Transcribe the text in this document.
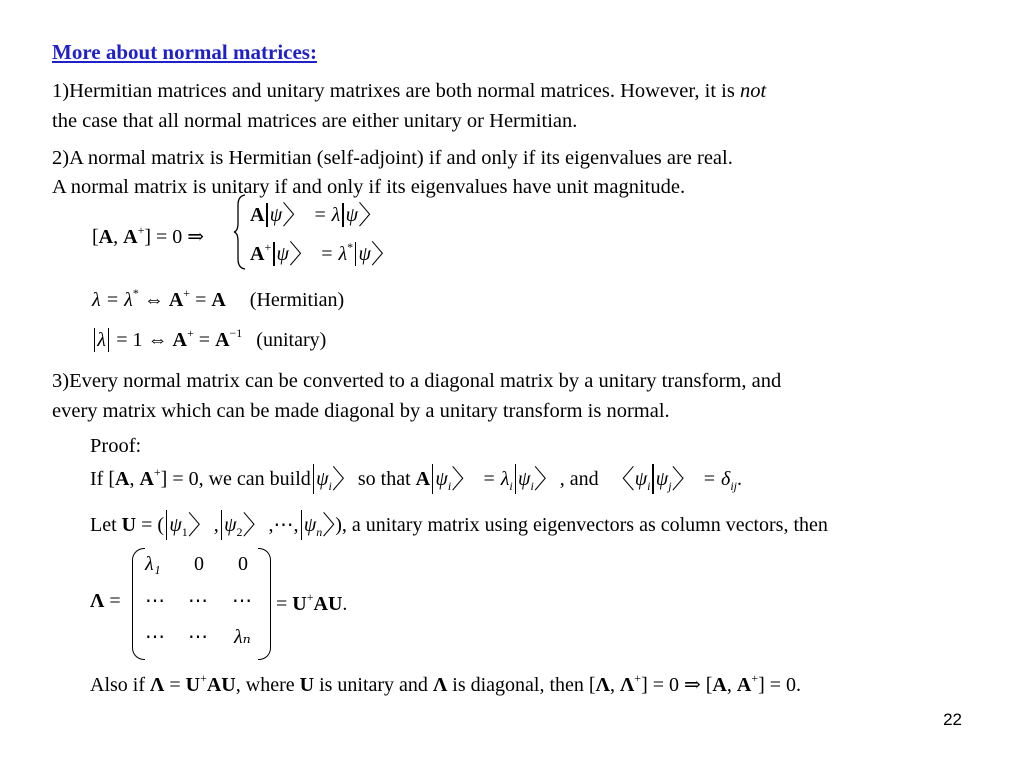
More about normal matrices:
1)Hermitian matrices and unitary matrixes are both normal matrices. However, it is not
the case that all normal matrices are either unitary or Hermitian.
2)A normal matrix is Hermitian (self-adjoint) if and only if its eigenvalues are real.
A normal matrix is unitary if and only if its eigenvalues have unit magnitude.
[A, A+] = 0 ⇒
A ψ〉 = λ ψ〉
A+ ψ〉 = λ* ψ〉
λ = λ* ⇔ A+ = A (Hermitian)
λ = 1 ⇔ $A^+ = A^{-1}$ (unitary)
3)Every normal matrix can be converted to a diagonal matrix by a unitary transform, and
every matrix which can be made diagonal by a unitary transform is normal.
Proof:
If [A, A+] = 0, we can build $\psi_i$〉so that A $\psi_i$〉 = $\lambda_i$ $\psi_i$〉, and 〈$\psi_i$ $\psi_j$〉 = $\delta_{ij}$.
Let U = ( $\psi_1$〉, $\psi_2$〉,⋯, $\psi_n$〉), a unitary matrix using eigenvectors as column vectors, then
Λ =
λ₁ 0 0
⋯ ⋯ ⋯
⋯ ⋯ λₙ
= U+AU.
Also if Λ = U+AU, where U is unitary and Λ is diagonal, then [Λ, Λ+] = 0 ⇒ [A, A+] = 0.
22
